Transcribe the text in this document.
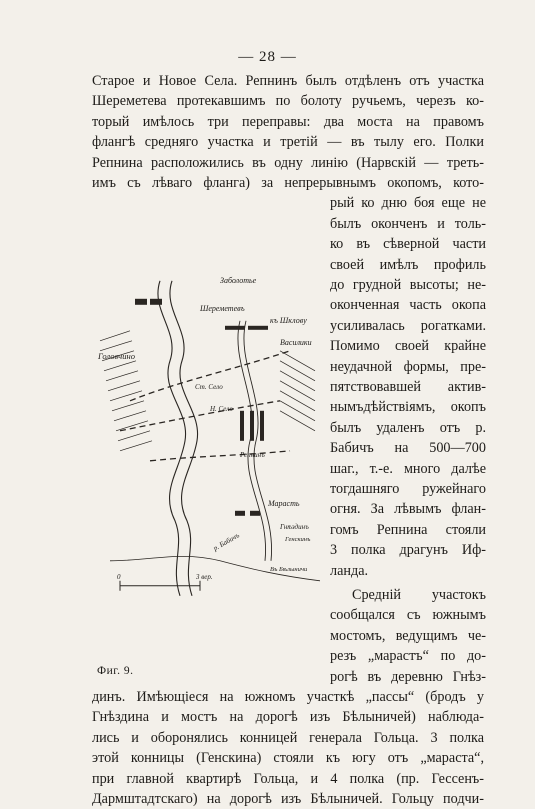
— 28 —
Старое и Новое Села. Репнинъ былъ отдѣленъ отъ участка
Шереметева протекавшимъ по болоту ручьемъ, черезъ ко-
торый имѣлось три переправы: два моста на правомъ
флангѣ средняго участка и третій — въ тылу его. Полки
Репнина расположились въ одну линію (Нарвскій — треть-
имъ съ лѣваго фланга) за непрерывнымъ окопомъ, кото-
рый ко дню боя еще не
былъ оконченъ и толь-
ко въ сѣверной части
своей имѣлъ профиль
до грудной высоты; не-
оконченная часть окопа
усиливалась рогатками.
Помимо своей крайне
неудачной формы, пре-
пятствовавшей актив-
нымъдѣйствіямъ, окопъ
былъ удаленъ отъ р.
Бабичъ на 500—700
шаг., т.-е. много далѣе
тогдашняго ружейнаго
огня. За лѣвымъ флан-
гомъ Репнина стояли
3 полка драгунъ Иф-
ланда.
Средній участокъ
сообщался съ южнымъ
мостомъ, ведущимъ че-
резъ „марастъ“ по до-
рогѣ въ деревню Гнѣз-
Заболотье
Шереметевъ
къ Шклову
Василики
Головчино
Ст. Село
Н. Село
Репнинъ
Марасть
Гнѣздинъ
Генскинъ
р. Бабичъ
Въ Бѣлыничи
0	3 вер.
Фиг. 9.
динъ. Имѣющіеся на южномъ участкѣ „пассы“ (бродъ у
Гнѣздина и мостъ на дорогѣ изъ Бѣлыничей) наблюда-
лись и оборонялись конницей генерала Гольца. 3 полка
этой конницы (Генскина) стояли къ югу отъ „мараста“,
при главной квартирѣ Гольца, и 4 полка (пр. Гессенъ-
Дармштадтскаго) на дорогѣ изъ Бѣлыничей. Гольцу подчи-
